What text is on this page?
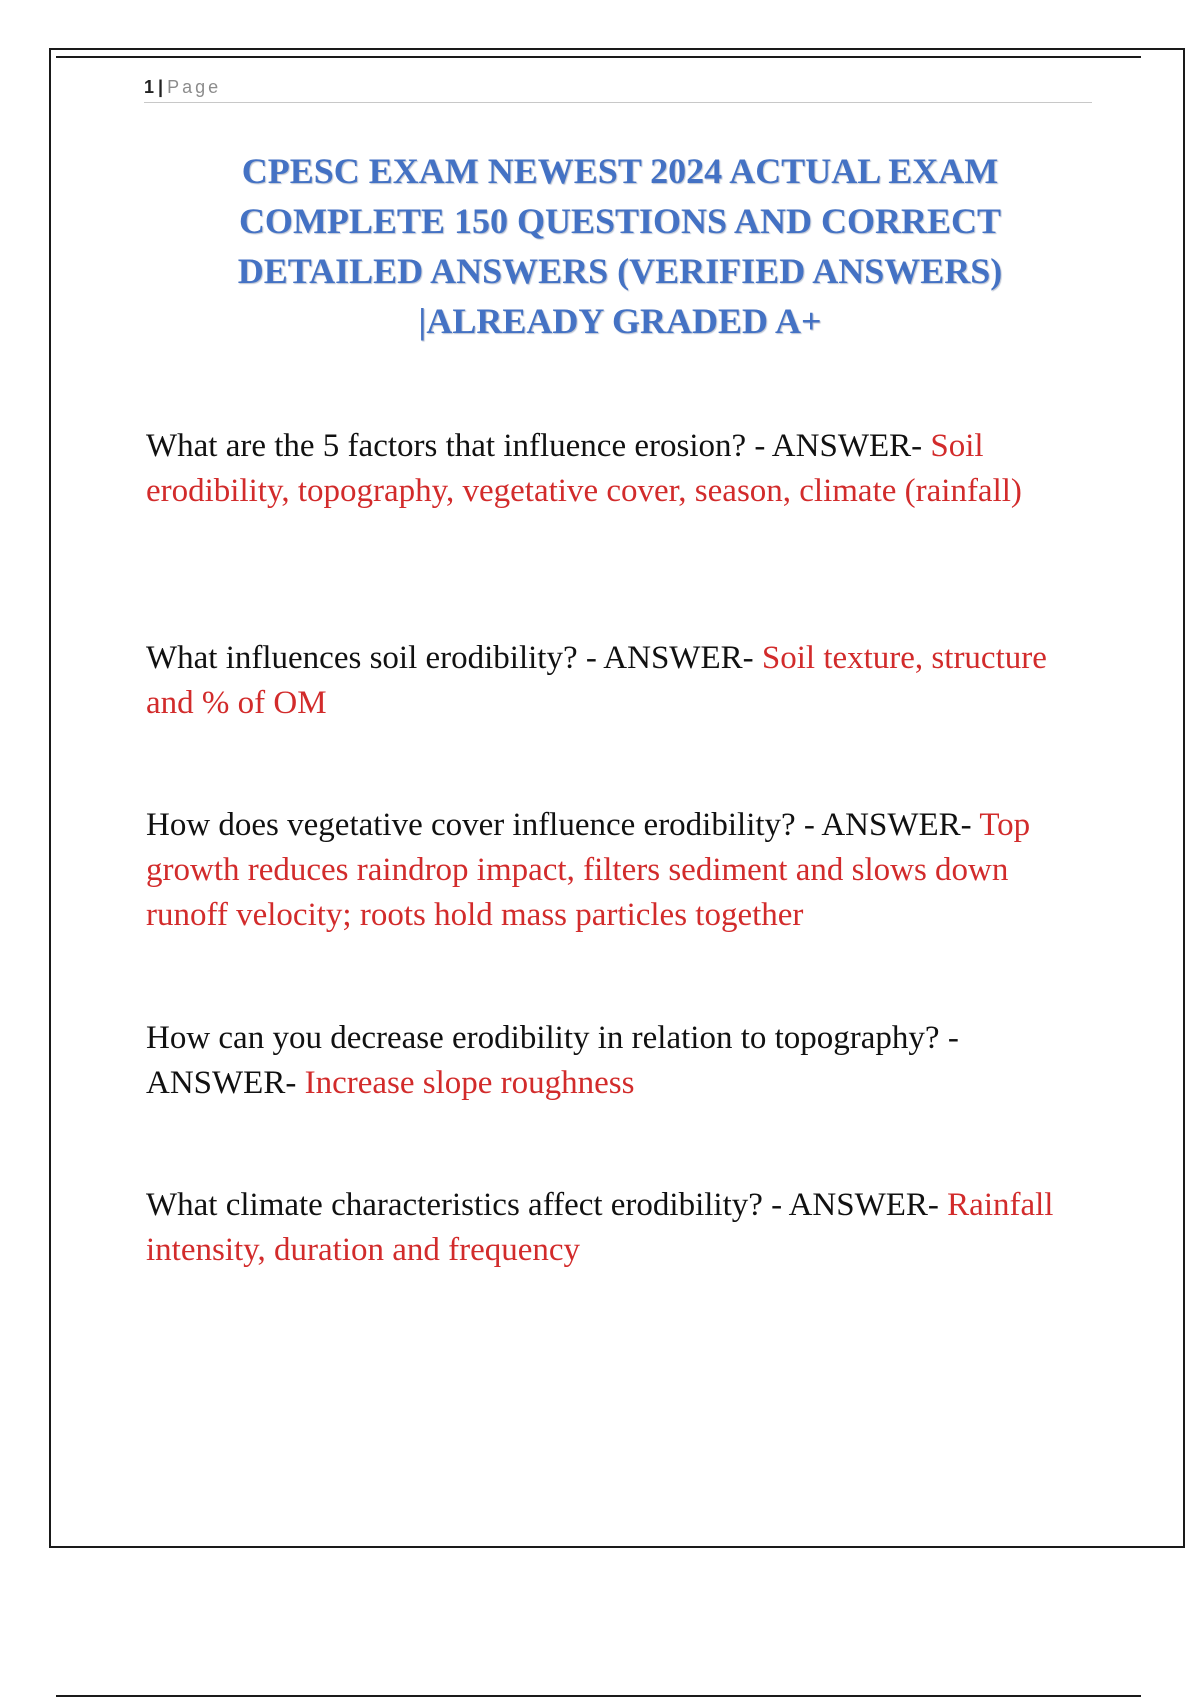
1 | Page
CPESC EXAM NEWEST 2024 ACTUAL EXAM COMPLETE 150 QUESTIONS AND CORRECT DETAILED ANSWERS (VERIFIED ANSWERS) |ALREADY GRADED A+
What are the 5 factors that influence erosion? - ANSWER- Soil erodibility, topography, vegetative cover, season, climate (rainfall)
What influences soil erodibility? - ANSWER- Soil texture, structure and % of OM
How does vegetative cover influence erodibility? - ANSWER- Top growth reduces raindrop impact, filters sediment and slows down runoff velocity; roots hold mass particles together
How can you decrease erodibility in relation to topography? - ANSWER- Increase slope roughness
What climate characteristics affect erodibility? - ANSWER- Rainfall intensity, duration and frequency
